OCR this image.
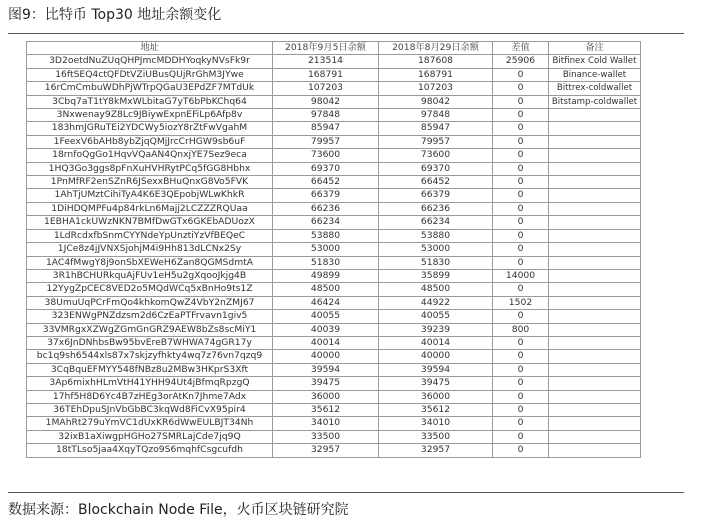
图9：比特币 Top30 地址余额变化
地址	2018年9月5日余额	2018年8月29日余额	差值	备注
3D2oetdNuZUqQHPJmcMDDHYoqkyNVsFk9r	213514	187608	25906	Bitfinex Cold Wallet
16ftSEQ4ctQFDtVZiUBusQUjRrGhM3JYwe	168791	168791	0	Binance-wallet
16rCmCmbuWDhPjWTrpQGaU3EPdZF7MTdUk	107203	107203	0	Bittrex-coldwallet
3Cbq7aT1tY8kMxWLbitaG7yT6bPbKChq64	98042	98042	0	Bitstamp-coldwallet
3Nxwenay9Z8Lc9JBiywExpnEFiLp6Afp8v	97848	97848	0	
183hmJGRuTEi2YDCWy5iozY8rZtFwVgahM	85947	85947	0	
1FeexV6bAHb8ybZjqQMjJrcCrHGW9sb6uF	79957	79957	0	
18rnfoQgGo1HqvVQaAN4QnxjYE7Sez9eca	73600	73600	0	
1HQ3Go3ggs8pFnXuHVHRytPCq5fGG8Hbhx	69370	69370	0	
1PnMfRF2enSZnR6JSexxBHuQnxG8Vo5FVK	66452	66452	0	
1AhTjUMztCihiTyA4K6E3QEpobjWLwKhkR	66379	66379	0	
1DiHDQMPFu4p84rkLn6Majj2LCZZZRQUaa	66236	66236	0	
1EBHA1ckUWzNKN7BMfDwGTx6GKEbADUozX	66234	66234	0	
1LdRcdxfbSnmCYYNdeYpUnztiYzVfBEQeC	53880	53880	0	
1JCe8z4jJVNXSjohjM4i9Hh813dLCNx2Sy	53000	53000	0	
1AC4fMwgY8j9onSbXEWeH6Zan8QGMSdmtA	51830	51830	0	
3R1hBCHURkquAjFUv1eH5u2gXqooJkjg4B	49899	35899	14000	
12YygZpCEC8VED2o5MQdWCq5xBnHo9ts1Z	48500	48500	0	
38UmuUqPCrFmQo4khkomQwZ4VbY2nZMJ67	46424	44922	1502	
323ENWgPNZdzsm2d6CzEaPTFrvavn1giv5	40055	40055	0	
33VMRgxXZWgZGmGnGRZ9AEW8bZs8scMiY1	40039	39239	800	
37x6JnDNhbsBw95bvEreB7WHWA74gGR17y	40014	40014	0	
bc1q9sh6544xls87x7skjzyfhkty4wq7z76vn7qzq9	40000	40000	0	
3CqBquEFMYY548fNBz8u2MBw3HKprS3Xft	39594	39594	0	
3Ap6mixhHLmVtH41YHH94Ut4jBfmqRpzgQ	39475	39475	0	
17hf5H8D6Yc4B7zHEg3orAtKn7Jhme7Adx	36000	36000	0	
36TEhDpuSJnVbGbBC3kqWd8FiCvX95pir4	35612	35612	0	
1MAhRt279uYmVC1dUxKR6dWwEULBJT34Nh	34010	34010	0	
32ixB1aXiwgpHGHo27SMRLajCde7jq9Q	33500	33500	0	
18tTLso5jaa4XqyTQzo9S6mqhfCsgcufdh	32957	32957	0	
数据来源：Blockchain Node File，火币区块链研究院
